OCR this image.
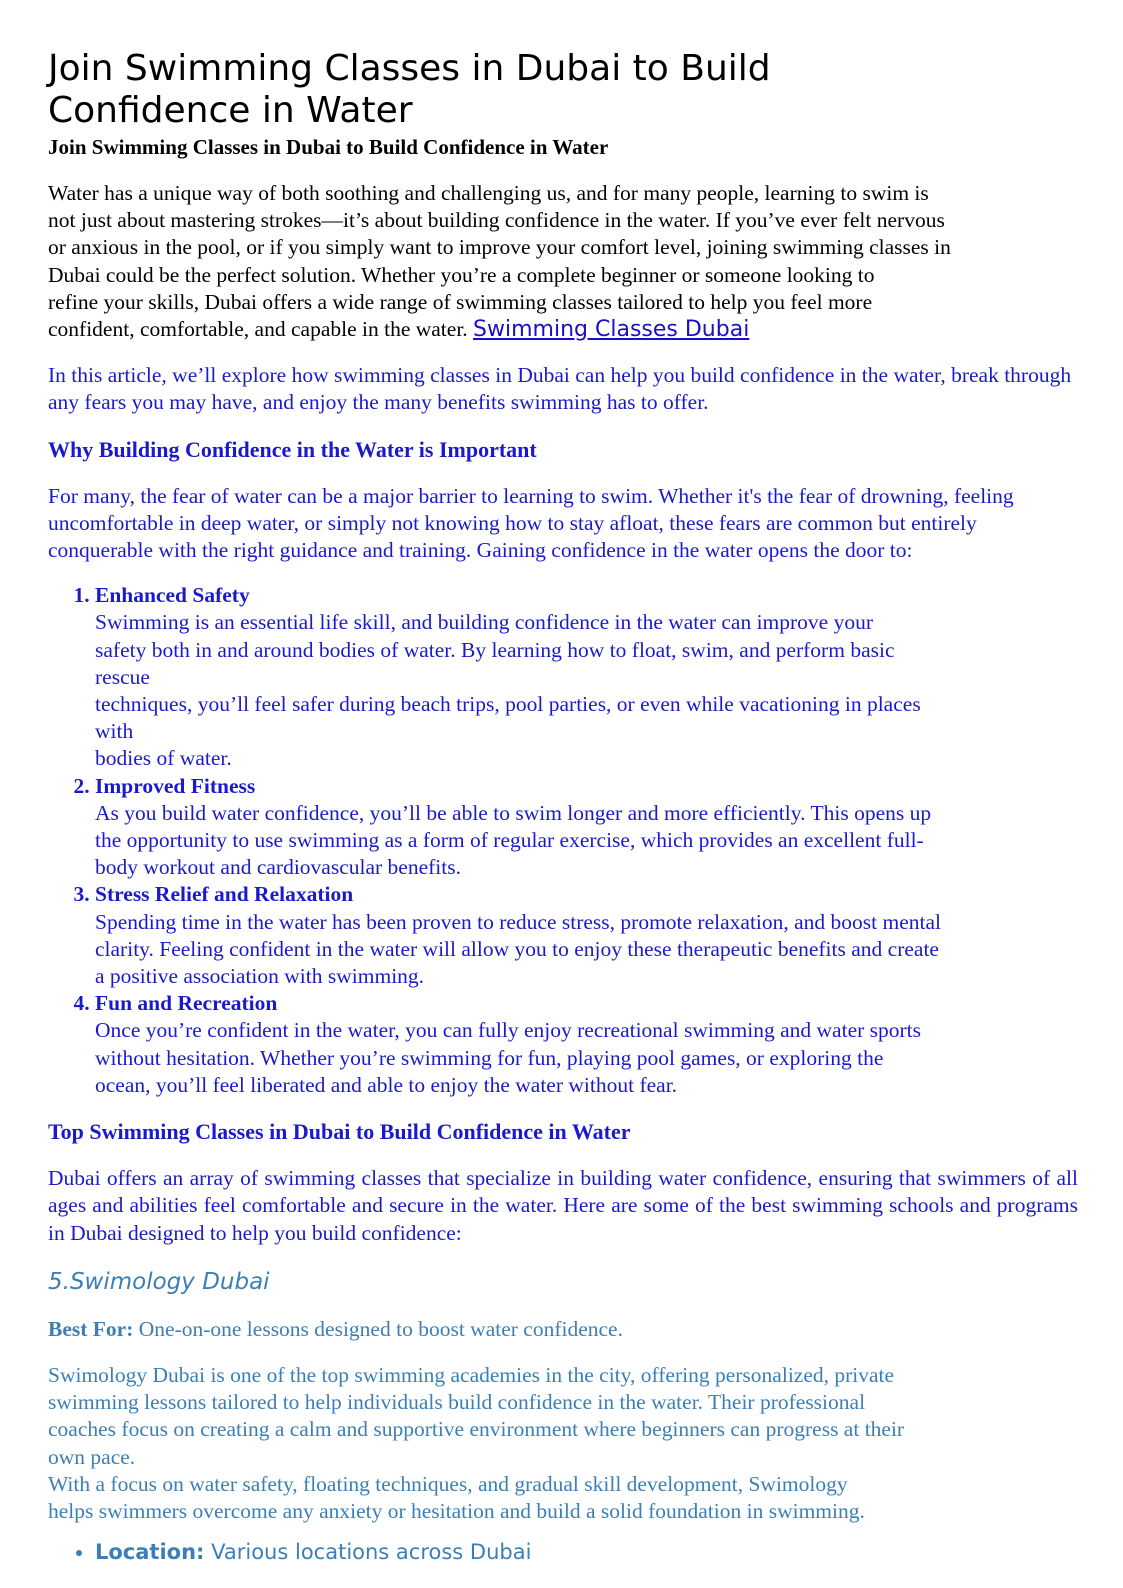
Join Swimming Classes in Dubai to Build Confidence in Water
Join Swimming Classes in Dubai to Build Confidence in Water

Water has a unique way of both soothing and challenging us, and for many people, learning to swim is
not just about mastering strokes—it’s about building confidence in the water. If you’ve ever felt nervous
or anxious in the pool, or if you simply want to improve your comfort level, joining swimming classes in
Dubai could be the perfect solution. Whether you’re a complete beginner or someone looking to
refine your skills, Dubai offers a wide range of swimming classes tailored to help you feel more
confident, comfortable, and capable in the water. Swimming Classes Dubai

In this article, we’ll explore how swimming classes in Dubai can help you build confidence in the water, break through any fears you may have, and enjoy the many benefits swimming has to offer.

Why Building Confidence in the Water is Important

For many, the fear of water can be a major barrier to learning to swim. Whether it's the fear of drowning, feeling uncomfortable in deep water, or simply not knowing how to stay afloat, these fears are common but entirely conquerable with the right guidance and training. Gaining confidence in the water opens the door to:

1. Enhanced Safety
Swimming is an essential life skill, and building confidence in the water can improve your
safety both in and around bodies of water. By learning how to float, swim, and perform basic
rescue
techniques, you’ll feel safer during beach trips, pool parties, or even while vacationing in places
with
bodies of water.
2. Improved Fitness
As you build water confidence, you’ll be able to swim longer and more efficiently. This opens up
the opportunity to use swimming as a form of regular exercise, which provides an excellent full-
body workout and cardiovascular benefits.
3. Stress Relief and Relaxation
Spending time in the water has been proven to reduce stress, promote relaxation, and boost mental
clarity. Feeling confident in the water will allow you to enjoy these therapeutic benefits and create
a positive association with swimming.
4. Fun and Recreation
Once you’re confident in the water, you can fully enjoy recreational swimming and water sports
without hesitation. Whether you’re swimming for fun, playing pool games, or exploring the
ocean, you’ll feel liberated and able to enjoy the water without fear.
Top Swimming Classes in Dubai to Build Confidence in Water

Dubai offers an array of swimming classes that specialize in building water confidence, ensuring that swimmers of all ages and abilities feel comfortable and secure in the water. Here are some of the best swimming schools and programs in Dubai designed to help you build confidence:

5.Swimology Dubai

Best For: One-on-one lessons designed to boost water confidence.

Swimology Dubai is one of the top swimming academies in the city, offering personalized, private
swimming lessons tailored to help individuals build confidence in the water. Their professional
coaches focus on creating a calm and supportive environment where beginners can progress at their
own pace.
With a focus on water safety, floating techniques, and gradual skill development, Swimology
helps swimmers overcome any anxiety or hesitation and build a solid foundation in swimming.

• Location: Various locations across Dubai
